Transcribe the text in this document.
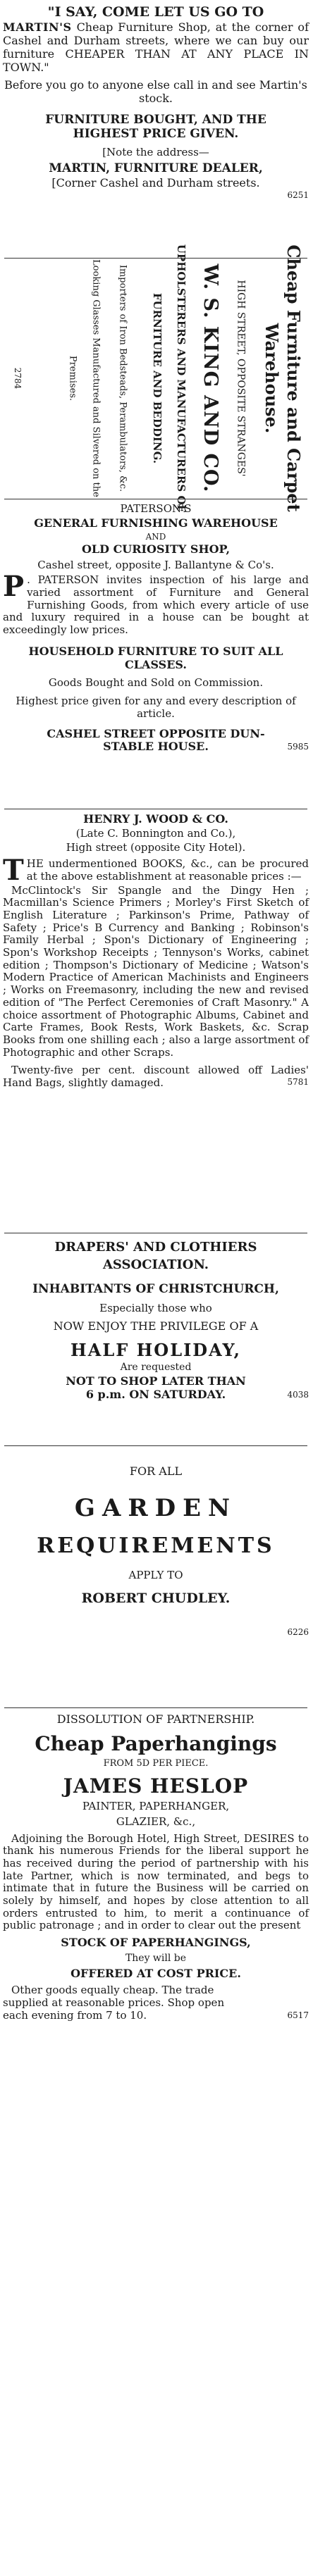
"I SAY, COME LET US GO TO
MARTIN'S Cheap Furniture Shop, at the corner of Cashel and Durham streets, where we can buy our furniture CHEAPER THAN AT ANY PLACE IN TOWN."
Before you go to anyone else call in and see Martin's stock.
FURNITURE BOUGHT, AND THE HIGHEST PRICE GIVEN.
[Note the address—
MARTIN, FURNITURE DEALER,
[Corner Cashel and Durham streets.
6251
Cheap Furniture and Carpet
Warehouse.
HIGH STREET, OPPOSITE STRANGES'
W. S. KING AND CO.
UPHOLSTERERS AND MANUFACTURERS OF
FURNITURE AND BEDDING.
Importers of Iron Bedsteads, Perambulators, &c.
Looking Glasses Manufactured and Silvered on the
Premises.
2784
PATERSON'S
GENERAL FURNISHING WAREHOUSE
AND
OLD CURIOSITY SHOP,
Cashel street, opposite J. Ballantyne & Co's.
P . PATERSON invites inspection of his large and varied assortment of Furniture and General Furnishing Goods, from which every article of use and luxury required in a house can be bought at exceedingly low prices.
HOUSEHOLD FURNITURE TO SUIT ALL CLASSES.
Goods Bought and Sold on Commission.
Highest price given for any and every description of article.
CASHEL STREET OPPOSITE DUN-
STABLE HOUSE.	5985
HENRY J. WOOD & CO.
(Late C. Bonnington and Co.),
High street (opposite City Hotel).
T HE undermentioned BOOKS, &c., can be procured at the above establishment at reasonable prices :—
McClintock's Sir Spangle and the Dingy Hen ; Macmillan's Science Primers ; Morley's First Sketch of English Literature ; Parkinson's Prime, Pathway of Safety ; Price's B Currency and Banking ; Robinson's Family Herbal ; Spon's Dictionary of Engineering ; Spon's Workshop Receipts ; Tennyson's Works, cabinet edition ; Thompson's Dictionary of Medicine ; Watson's Modern Practice of American Machinists and Engineers ; Works on Freemasonry, including the new and revised edition of "The Perfect Ceremonies of Craft Masonry." A choice assortment of Photographic Albums, Cabinet and Carte Frames, Book Rests, Work Baskets, &c. Scrap Books from one shilling each ; also a large assortment of Photographic and other Scraps.
Twenty-five per cent. discount allowed off Ladies' Hand Bags, slightly damaged.	5781
DRAPERS' AND CLOTHIERS
ASSOCIATION.
INHABITANTS OF CHRISTCHURCH,
Especially those who
NOW ENJOY THE PRIVILEGE OF A
HALF HOLIDAY,
Are requested
NOT TO SHOP LATER THAN
6 p.m. ON SATURDAY.	4038
FOR ALL
GARDEN
REQUIREMENTS
APPLY TO
ROBERT CHUDLEY.
6226
DISSOLUTION OF PARTNERSHIP.
Cheap Paperhangings
FROM 5D PER PIECE.
JAMES HESLOP
PAINTER, PAPERHANGER,
GLAZIER, &c.,
Adjoining the Borough Hotel, High Street, DESIRES to thank his numerous Friends for the liberal support he has received during the period of partnership with his late Partner, which is now terminated, and begs to intimate that in future the Business will be carried on solely by himself, and hopes by close attention to all orders entrusted to him, to merit a continuance of public patronage ; and in order to clear out the present
STOCK OF PAPERHANGINGS,
They will be
OFFERED AT COST PRICE.
Other goods equally cheap. The trade
supplied at reasonable prices. Shop open
each evening from 7 to 10.	6517
